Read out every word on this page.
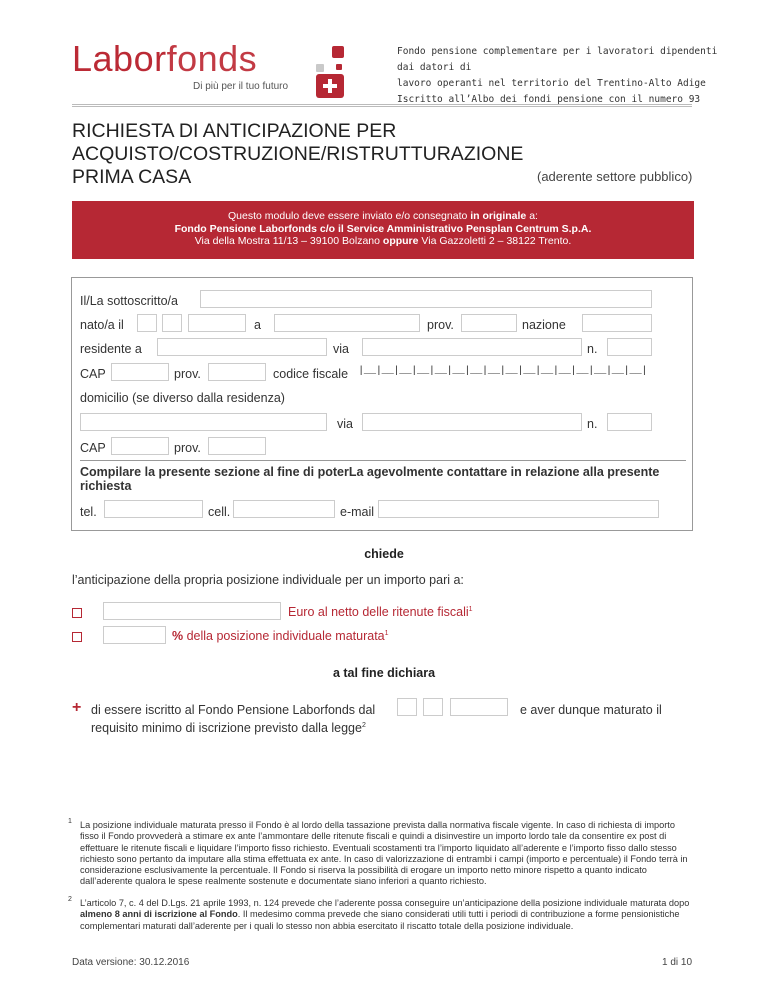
Laborfonds
Di più per il tuo futuro
Fondo pensione complementare per i lavoratori dipendenti dai datori di
lavoro operanti nel territorio del Trentino-Alto Adige
Iscritto all’Albo dei fondi pensione con il numero 93
RICHIESTA DI ANTICIPAZIONE PER
ACQUISTO/COSTRUZIONE/RISTRUTTURAZIONE
PRIMA CASA	(aderente settore pubblico)
Questo modulo deve essere inviato e/o consegnato in originale a:
Fondo Pensione Laborfonds c/o il Service Amministrativo Pensplan Centrum S.p.A.
Via della Mostra 11/13 – 39100 Bolzano oppure Via Gazzoletti 2 – 38122 Trento.
Il/La sottoscritto/a
nato/a il	a	prov.	nazione
residente a	via	n.
CAP	prov.	codice fiscale |__|__|__|__|__|__|__|__|__|__|__|__|__|__|__|__|
domicilio (se diverso dalla residenza)
via	n.
CAP	prov.
Compilare la presente sezione al fine di poterLa agevolmente contattare in relazione alla presente richiesta
tel.	cell.	e-mail
chiede
l’anticipazione della propria posizione individuale per un importo pari a:
Euro al netto delle ritenute fiscali$^1$
% della posizione individuale maturata$^1$
a tal fine dichiara
+ di essere iscritto al Fondo Pensione Laborfonds dal
requisito minimo di iscrizione previsto dalla legge$^2$
e aver dunque maturato il
1 La posizione individuale maturata presso il Fondo è al lordo della tassazione prevista dalla normativa fiscale vigente. In caso di richiesta di importo fisso il Fondo provvederà a stimare ex ante l’ammontare delle ritenute fiscali e quindi a disinvestire un importo lordo tale da consentire ex post di effettuare le ritenute fiscali e liquidare l’importo fisso richiesto. Eventuali scostamenti tra l’importo liquidato all’aderente e l’importo fisso dallo stesso richiesto sono pertanto da imputare alla stima effettuata ex ante. In caso di valorizzazione di entrambi i campi (importo e percentuale) il Fondo terrà in considerazione esclusivamente la percentuale. Il Fondo si riserva la possibilità di erogare un importo netto minore rispetto a quanto indicato dall’aderente qualora le spese realmente sostenute e documentate siano inferiori a quanto richiesto.
2 L’articolo 7, c. 4 del D.Lgs. 21 aprile 1993, n. 124 prevede che l’aderente possa conseguire un’anticipazione della posizione individuale maturata dopo almeno 8 anni di iscrizione al Fondo. Il medesimo comma prevede che siano considerati utili tutti i periodi di contribuzione a forme pensionistiche complementari maturati dall’aderente per i quali lo stesso non abbia esercitato il riscatto totale della posizione individuale.
Data versione: 30.12.2016	1 di 10
